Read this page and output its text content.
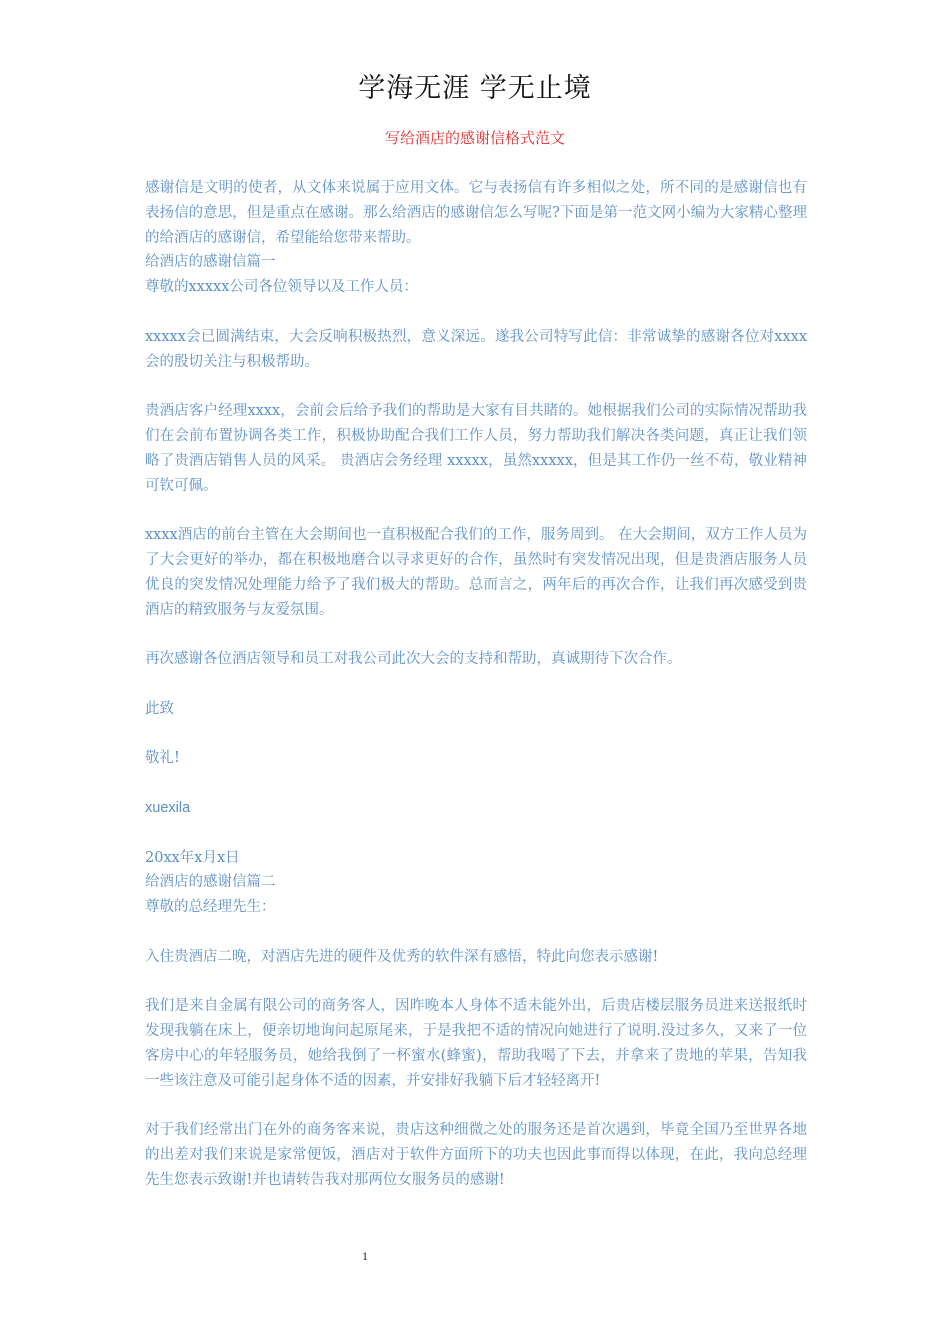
学海无涯 学无止境
写给酒店的感谢信格式范文

感谢信是文明的使者，从文体来说属于应用文体。它与表扬信有许多相似之处，所不同的是感谢信也有表扬信的意思，但是重点在感谢。那么给酒店的感谢信怎么写呢?下面是第一范文网小编为大家精心整理的给酒店的感谢信，希望能给您带来帮助。

给酒店的感谢信篇一

尊敬的xxxxx公司各位领导以及工作人员：

xxxxx会已圆满结束，大会反响积极热烈，意义深远。遂我公司特写此信：非常诚挚的感谢各位对xxxx会的殷切关注与积极帮助。

贵酒店客户经理xxxx，会前会后给予我们的帮助是大家有目共睹的。她根据我们公司的实际情况帮助我们在会前布置协调各类工作，积极协助配合我们工作人员，努力帮助我们解决各类问题，真正让我们领略了贵酒店销售人员的风采。 贵酒店会务经理 xxxxx，虽然xxxxx，但是其工作仍一丝不苟，敬业精神可钦可佩。

xxxx酒店的前台主管在大会期间也一直积极配合我们的工作，服务周到。 在大会期间，双方工作人员为了大会更好的举办，都在积极地磨合以寻求更好的合作，虽然时有突发情况出现，但是贵酒店服务人员优良的突发情况处理能力给予了我们极大的帮助。总而言之，两年后的再次合作，让我们再次感受到贵酒店的精致服务与友爱氛围。

再次感谢各位酒店领导和员工对我公司此次大会的支持和帮助，真诚期待下次合作。

此致

敬礼!

xuexila

20xx年x月x日

给酒店的感谢信篇二

尊敬的总经理先生：

入住贵酒店二晚，对酒店先进的硬件及优秀的软件深有感悟，特此向您表示感谢!

我们是来自金属有限公司的商务客人，因昨晚本人身体不适未能外出，后贵店楼层服务员进来送报纸时发现我躺在床上，便亲切地询问起原尾来，于是我把不适的情况向她进行了说明.没过多久，又来了一位客房中心的年轻服务员，她给我倒了一杯蜜水(蜂蜜)，帮助我喝了下去，并拿来了贵地的苹果，告知我一些该注意及可能引起身体不适的因素，并安排好我躺下后才轻轻离开!

对于我们经常出门在外的商务客来说，贵店这种细微之处的服务还是首次遇到，毕竟全国乃至世界各地的出差对我们来说是家常便饭，酒店对于软件方面所下的功夫也因此事而得以体现，在此，我向总经理先生您表示致谢!并也请转告我对那两位女服务员的感谢!

1
